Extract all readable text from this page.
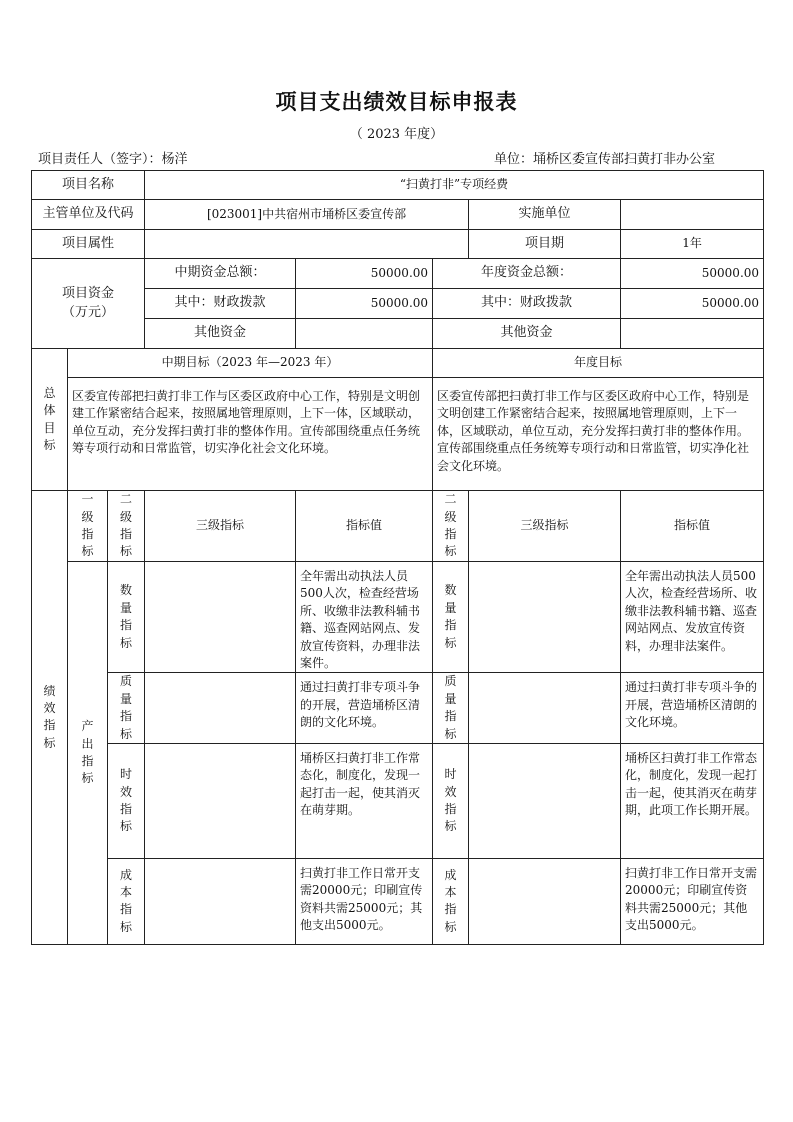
项目支出绩效目标申报表
（ 2023 年度）
项目责任人（签字）：杨洋	单位：埇桥区委宣传部扫黄打非办公室
项目名称			“扫黄打非”专项经费				
主管单位及代码			[023001]中共宿州市埇桥区委宣传部			实施单位	
项目属性						项目期	1年
项目资金（万元）			中期资金总额：	50000.00	年度资金总额：		50000.00
			其中：财政拨款	50000.00	其中：财政拨款		50000.00
			其他资金		其他资金		

总体目标	中期目标（2023 年—2023 年）				年度目标		
	区委宣传部把扫黄打非工作与区委区政府中心工作，特别是文明创建工作紧密结合起来，按照属地管理原则，上下一体，区域联动，单位互动，充分发挥扫黄打非的整体作用。宣传部围绕重点任务统筹专项行动和日常监管，切实净化社会文化环境。				区委宣传部把扫黄打非工作与区委区政府中心工作，特别是文明创建工作紧密结合起来，按照属地管理原则，上下一体，区域联动，单位互动，充分发挥扫黄打非的整体作用。宣传部围绕重点任务统筹专项行动和日常监管，切实净化社会文化环境。		

绩效指标	一级指标	二级指标	三级指标	指标值	二级指标	三级指标	指标值

	产出指标	数量指标		全年需出动执法人员500人次，检查经营场所、收缴非法教科辅书籍、巡查网站网点、发放宣传资料，办理非法案件。	数量指标		全年需出动执法人员500人次，检查经营场所、收缴非法教科辅书籍、巡查网站网点、发放宣传资料，办理非法案件。

		质量指标		通过扫黄打非专项斗争的开展，营造埇桥区清朗的文化环境。	质量指标		通过扫黄打非专项斗争的开展，营造埇桥区清朗的文化环境。

		时效指标		埇桥区扫黄打非工作常态化，制度化，发现一起打击一起，使其消灭在萌芽期。	时效指标		埇桥区扫黄打非工作常态化，制度化，发现一起打击一起，使其消灭在萌芽期，此项工作长期开展。

		成本指标		扫黄打非工作日常开支需20000元；印刷宣传资料共需25000元；其他支出5000元。	成本指标		扫黄打非工作日常开支需20000元；印刷宣传资料共需25000元；其他支出5000元。
